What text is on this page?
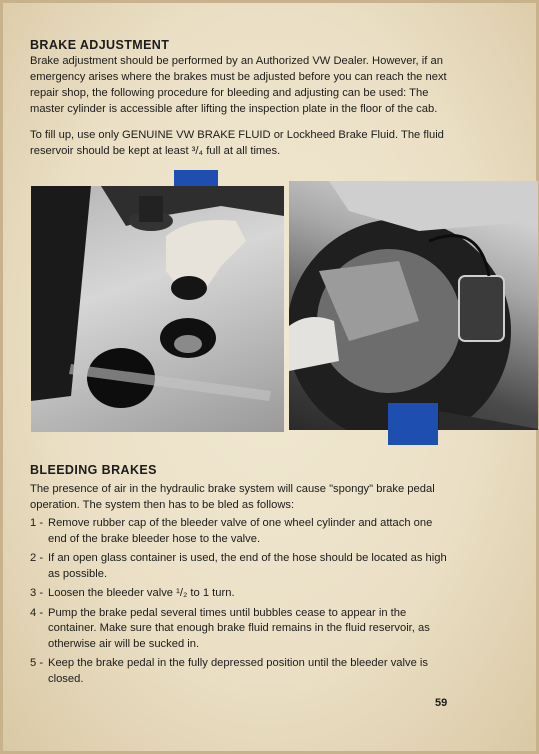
BRAKE ADJUSTMENT

Brake adjustment should be performed by an Authorized VW Dealer. However, if an emergency arises where the brakes must be adjusted before you can reach the next repair shop, the following procedure for bleeding and adjusting can be used: The master cylinder is accessible after lifting the inspection plate in the floor of the cab.

To fill up, use only GENUINE VW BRAKE FLUID or Lockheed Brake Fluid. The fluid reservoir should be kept at least ³/₄ full at all times.

BLEEDING BRAKES

The presence of air in the hydraulic brake system will cause "spongy" brake pedal operation. The system then has to be bled as follows:

1 - Remove rubber cap of the bleeder valve of one wheel cylinder and attach one end of the brake bleeder hose to the valve.
2 - If an open glass container is used, the end of the hose should be located as high as possible.
3 - Loosen the bleeder valve ¹/₂ to 1 turn.
4 - Pump the brake pedal several times until bubbles cease to appear in the container. Make sure that enough brake fluid remains in the fluid reservoir, as otherwise air will be sucked in.
5 - Keep the brake pedal in the fully depressed position until the bleeder valve is closed.
59
